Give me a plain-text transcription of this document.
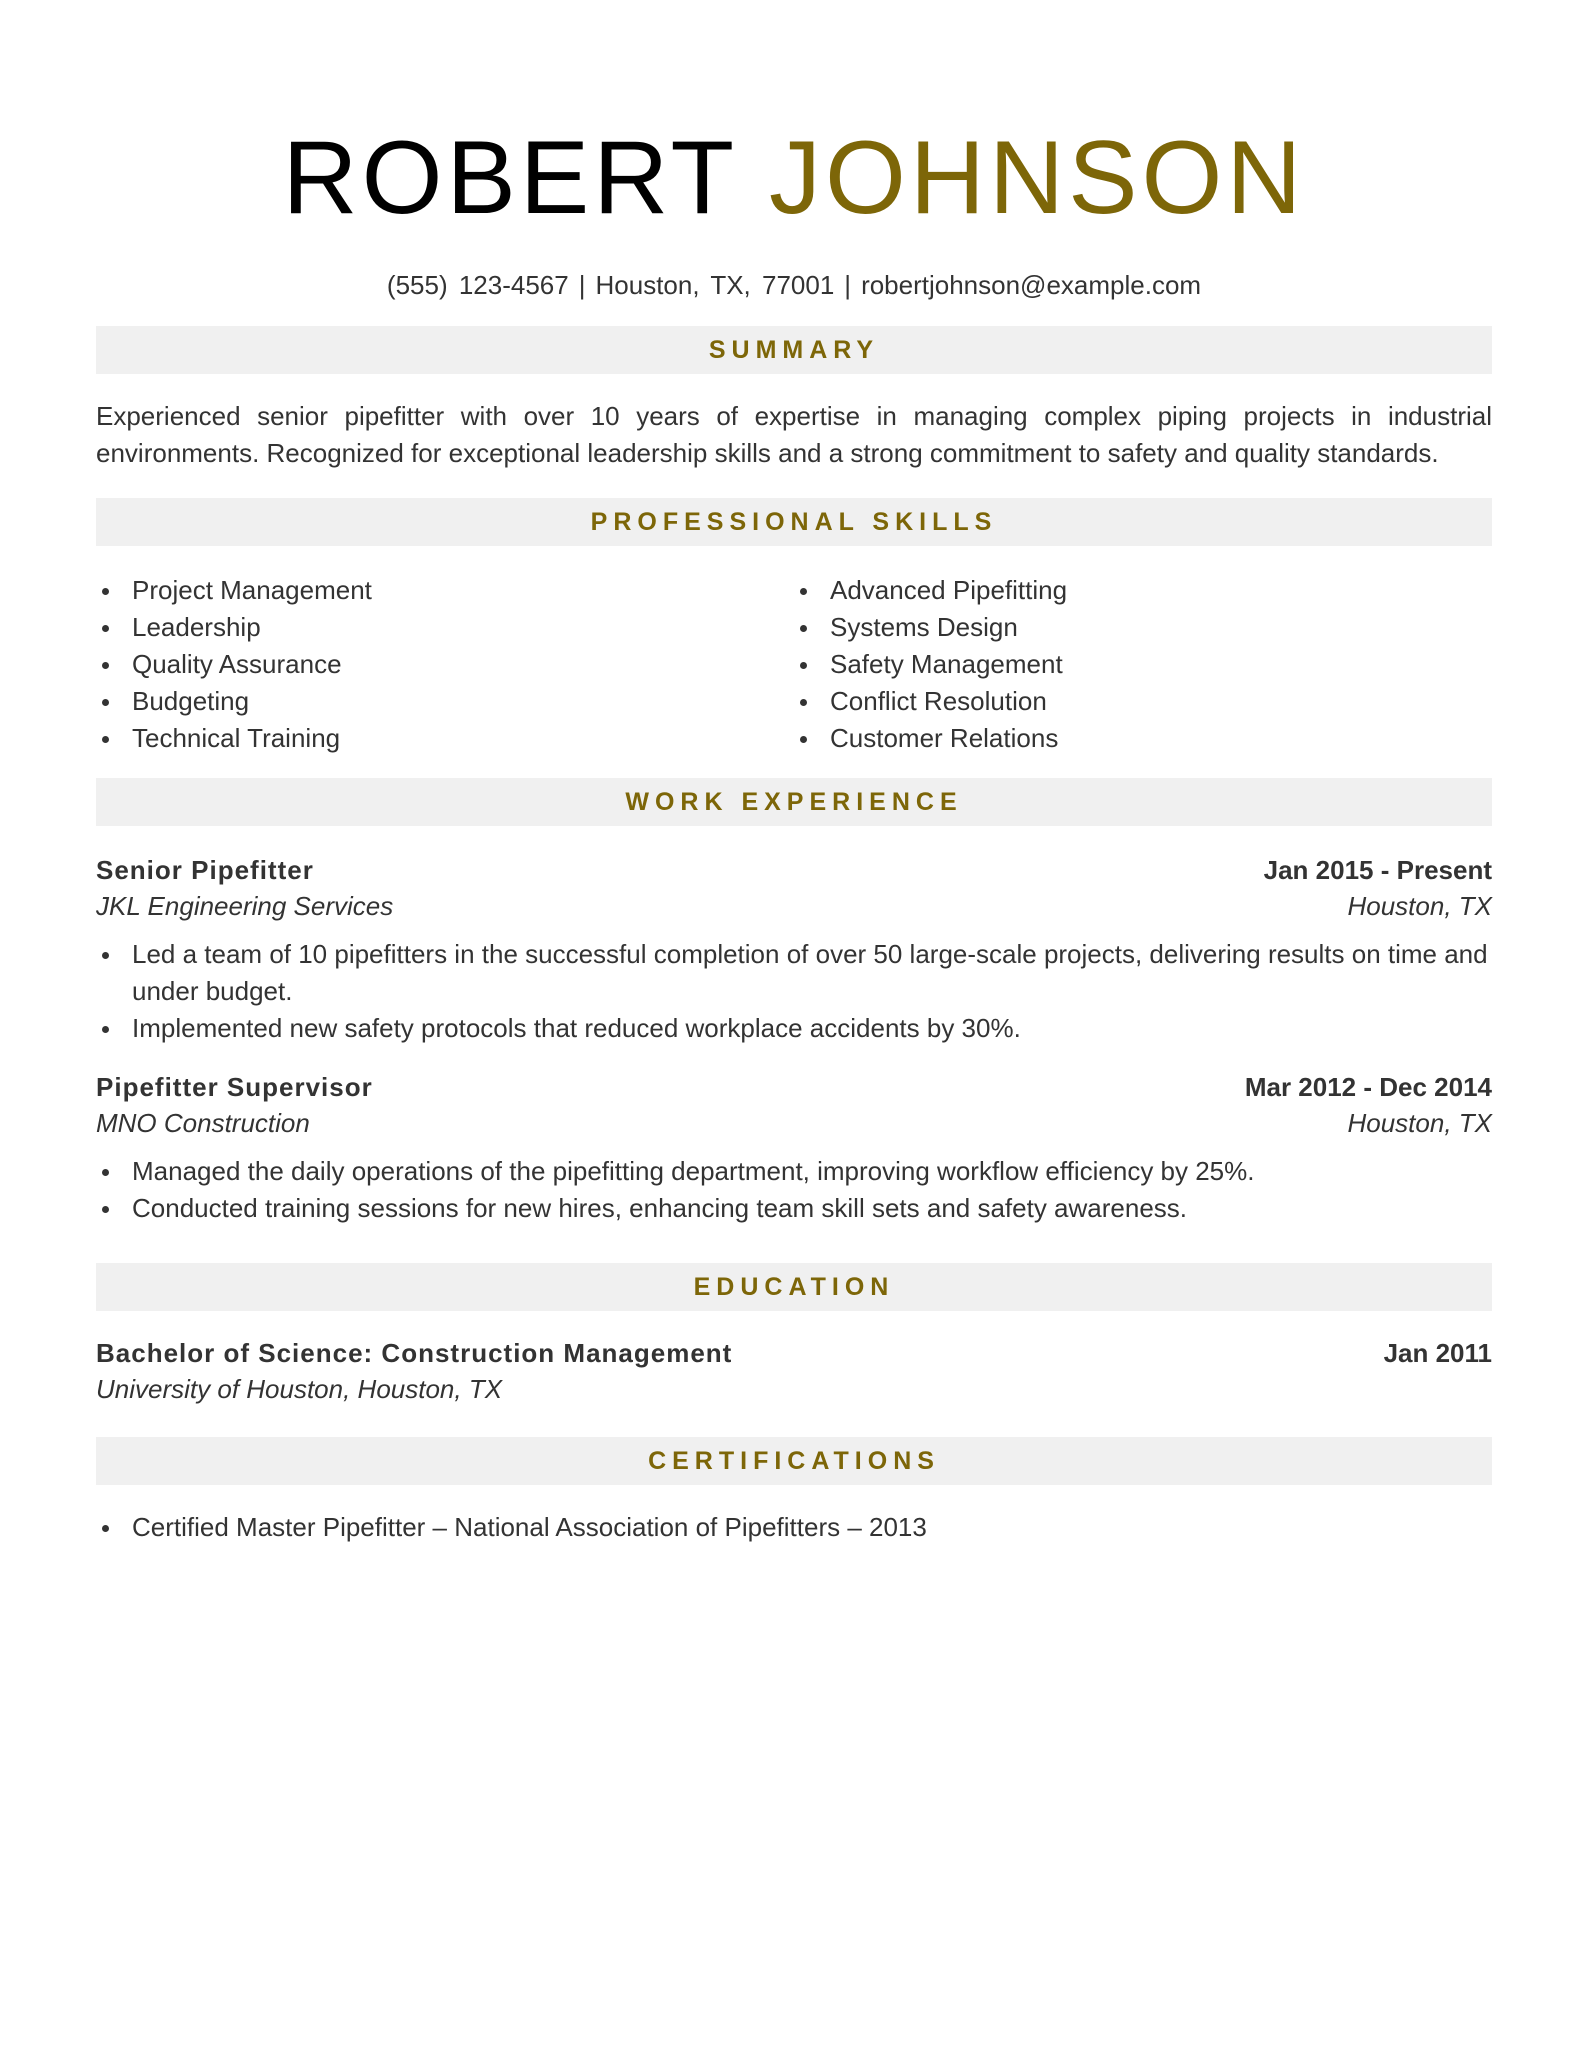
ROBERT JOHNSON
(555) 123-4567 | Houston, TX, 77001 | robertjohnson@example.com
SUMMARY

Experienced senior pipefitter with over 10 years of expertise in managing complex piping projects in industrial environments. Recognized for exceptional leadership skills and a strong commitment to safety and quality standards.

PROFESSIONAL SKILLS
Project Management
Leadership
Quality Assurance
Budgeting
Technical Training
Advanced Pipefitting
Systems Design
Safety Management
Conflict Resolution
Customer Relations
WORK EXPERIENCE
Senior Pipefitter	Jan 2015 - Present
JKL Engineering Services	Houston, TX
Led a team of 10 pipefitters in the successful completion of over 50 large-scale projects, delivering results on time and under budget.
Implemented new safety protocols that reduced workplace accidents by 30%.
Pipefitter Supervisor	Mar 2012 - Dec 2014
MNO Construction	Houston, TX
Managed the daily operations of the pipefitting department, improving workflow efficiency by 25%.
Conducted training sessions for new hires, enhancing team skill sets and safety awareness.
EDUCATION
Bachelor of Science: Construction Management	Jan 2011
University of Houston, Houston, TX
CERTIFICATIONS
Certified Master Pipefitter – National Association of Pipefitters – 2013
